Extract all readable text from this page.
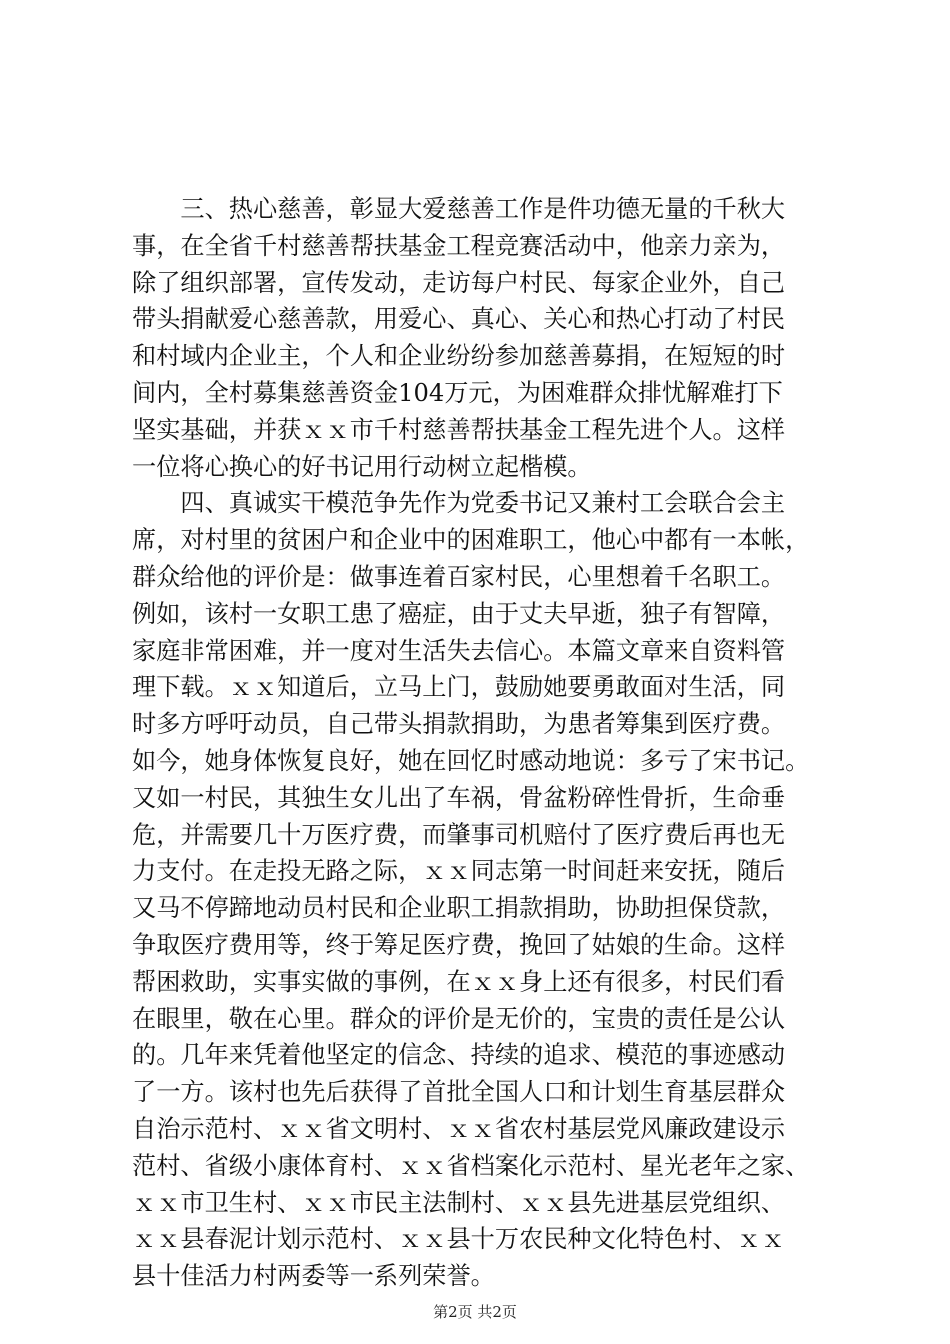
　　三、热心慈善，彰显大爱慈善工作是件功德无量的千秋大
事，在全省千村慈善帮扶基金工程竞赛活动中，他亲力亲为，
除了组织部署，宣传发动，走访每户村民、每家企业外，自己
带头捐献爱心慈善款，用爱心、真心、关心和热心打动了村民
和村域内企业主，个人和企业纷纷参加慈善募捐，在短短的时
间内，全村募集慈善资金104万元，为困难群众排忧解难打下
坚实基础，并获ｘｘ市千村慈善帮扶基金工程先进个人。这样
一位将心换心的好书记用行动树立起楷模。
　　四、真诚实干模范争先作为党委书记又兼村工会联合会主
席，对村里的贫困户和企业中的困难职工，他心中都有一本帐，
群众给他的评价是：做事连着百家村民，心里想着千名职工。
例如，该村一女职工患了癌症，由于丈夫早逝，独子有智障，
家庭非常困难，并一度对生活失去信心。本篇文章来自资料管
理下载。ｘｘ知道后，立马上门，鼓励她要勇敢面对生活，同
时多方呼吁动员，自己带头捐款捐助，为患者筹集到医疗费。
如今，她身体恢复良好，她在回忆时感动地说：多亏了宋书记。
又如一村民，其独生女儿出了车祸，骨盆粉碎性骨折，生命垂
危，并需要几十万医疗费，而肇事司机赔付了医疗费后再也无
力支付。在走投无路之际，ｘｘ同志第一时间赶来安抚，随后
又马不停蹄地动员村民和企业职工捐款捐助，协助担保贷款，
争取医疗费用等，终于筹足医疗费，挽回了姑娘的生命。这样
帮困救助，实事实做的事例，在ｘｘ身上还有很多，村民们看
在眼里，敬在心里。群众的评价是无价的，宝贵的责任是公认
的。几年来凭着他坚定的信念、持续的追求、模范的事迹感动
了一方。该村也先后获得了首批全国人口和计划生育基层群众
自治示范村、ｘｘ省文明村、ｘｘ省农村基层党风廉政建设示
范村、省级小康体育村、ｘｘ省档案化示范村、星光老年之家、
ｘｘ市卫生村、ｘｘ市民主法制村、ｘｘ县先进基层党组织、
ｘｘ县春泥计划示范村、ｘｘ县十万农民种文化特色村、ｘｘ
县十佳活力村两委等一系列荣誉。
第2页 共2页
